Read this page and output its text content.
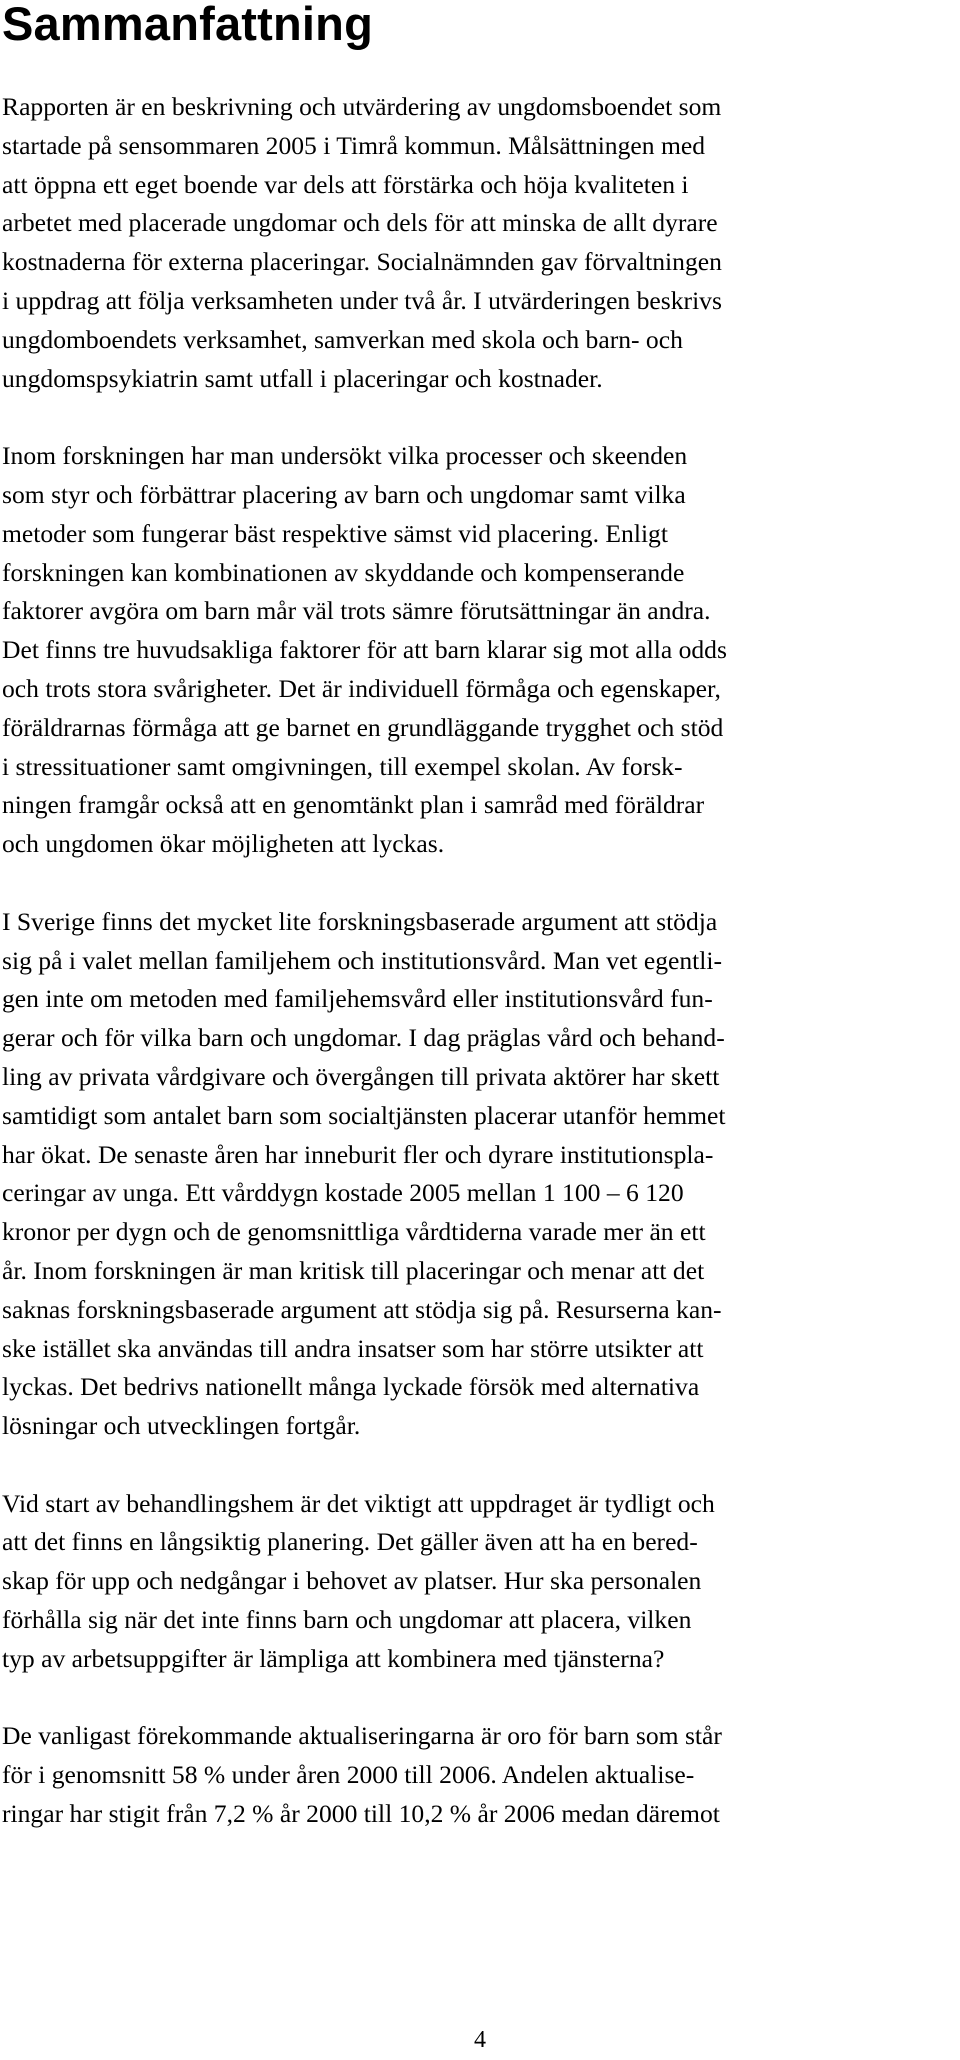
Sammanfattning

Rapporten är en beskrivning och utvärdering av ungdomsboendet som
startade på sensommaren 2005 i Timrå kommun. Målsättningen med
att öppna ett eget boende var dels att förstärka och höja kvaliteten i
arbetet med placerade ungdomar och dels för att minska de allt dyrare
kostnaderna för externa placeringar. Socialnämnden gav förvaltningen
i uppdrag att följa verksamheten under två år. I utvärderingen beskrivs
ungdomboendets verksamhet, samverkan med skola och barn- och
ungdomspsykiatrin samt utfall i placeringar och kostnader.

Inom forskningen har man undersökt vilka processer och skeenden
som styr och förbättrar placering av barn och ungdomar samt vilka
metoder som fungerar bäst respektive sämst vid placering. Enligt
forskningen kan kombinationen av skyddande och kompenserande
faktorer avgöra om barn mår väl trots sämre förutsättningar än andra.
Det finns tre huvudsakliga faktorer för att barn klarar sig mot alla odds
och trots stora svårigheter. Det är individuell förmåga och egenskaper,
föräldrarnas förmåga att ge barnet en grundläggande trygghet och stöd
i stressituationer samt omgivningen, till exempel skolan. Av forsk-
ningen framgår också att en genomtänkt plan i samråd med föräldrar
och ungdomen ökar möjligheten att lyckas.

I Sverige finns det mycket lite forskningsbaserade argument att stödja
sig på i valet mellan familjehem och institutionsvård. Man vet egentli-
gen inte om metoden med familjehemsvård eller institutionsvård fun-
gerar och för vilka barn och ungdomar. I dag präglas vård och behand-
ling av privata vårdgivare och övergången till privata aktörer har skett
samtidigt som antalet barn som socialtjänsten placerar utanför hemmet
har ökat. De senaste åren har inneburit fler och dyrare institutionspla-
ceringar av unga. Ett vårddygn kostade 2005 mellan 1 100 – 6 120
kronor per dygn och de genomsnittliga vårdtiderna varade mer än ett
år. Inom forskningen är man kritisk till placeringar och menar att det
saknas forskningsbaserade argument att stödja sig på. Resurserna kan-
ske istället ska användas till andra insatser som har större utsikter att
lyckas. Det bedrivs nationellt många lyckade försök med alternativa
lösningar och utvecklingen fortgår.

Vid start av behandlingshem är det viktigt att uppdraget är tydligt och
att det finns en långsiktig planering. Det gäller även att ha en bered-
skap för upp och nedgångar i behovet av platser. Hur ska personalen
förhålla sig när det inte finns barn och ungdomar att placera, vilken
typ av arbetsuppgifter är lämpliga att kombinera med tjänsterna?

De vanligast förekommande aktualiseringarna är oro för barn som står
för i genomsnitt 58 % under åren 2000 till 2006. Andelen aktualise-
ringar har stigit från 7,2 % år 2000 till 10,2 % år 2006 medan däremot

4
